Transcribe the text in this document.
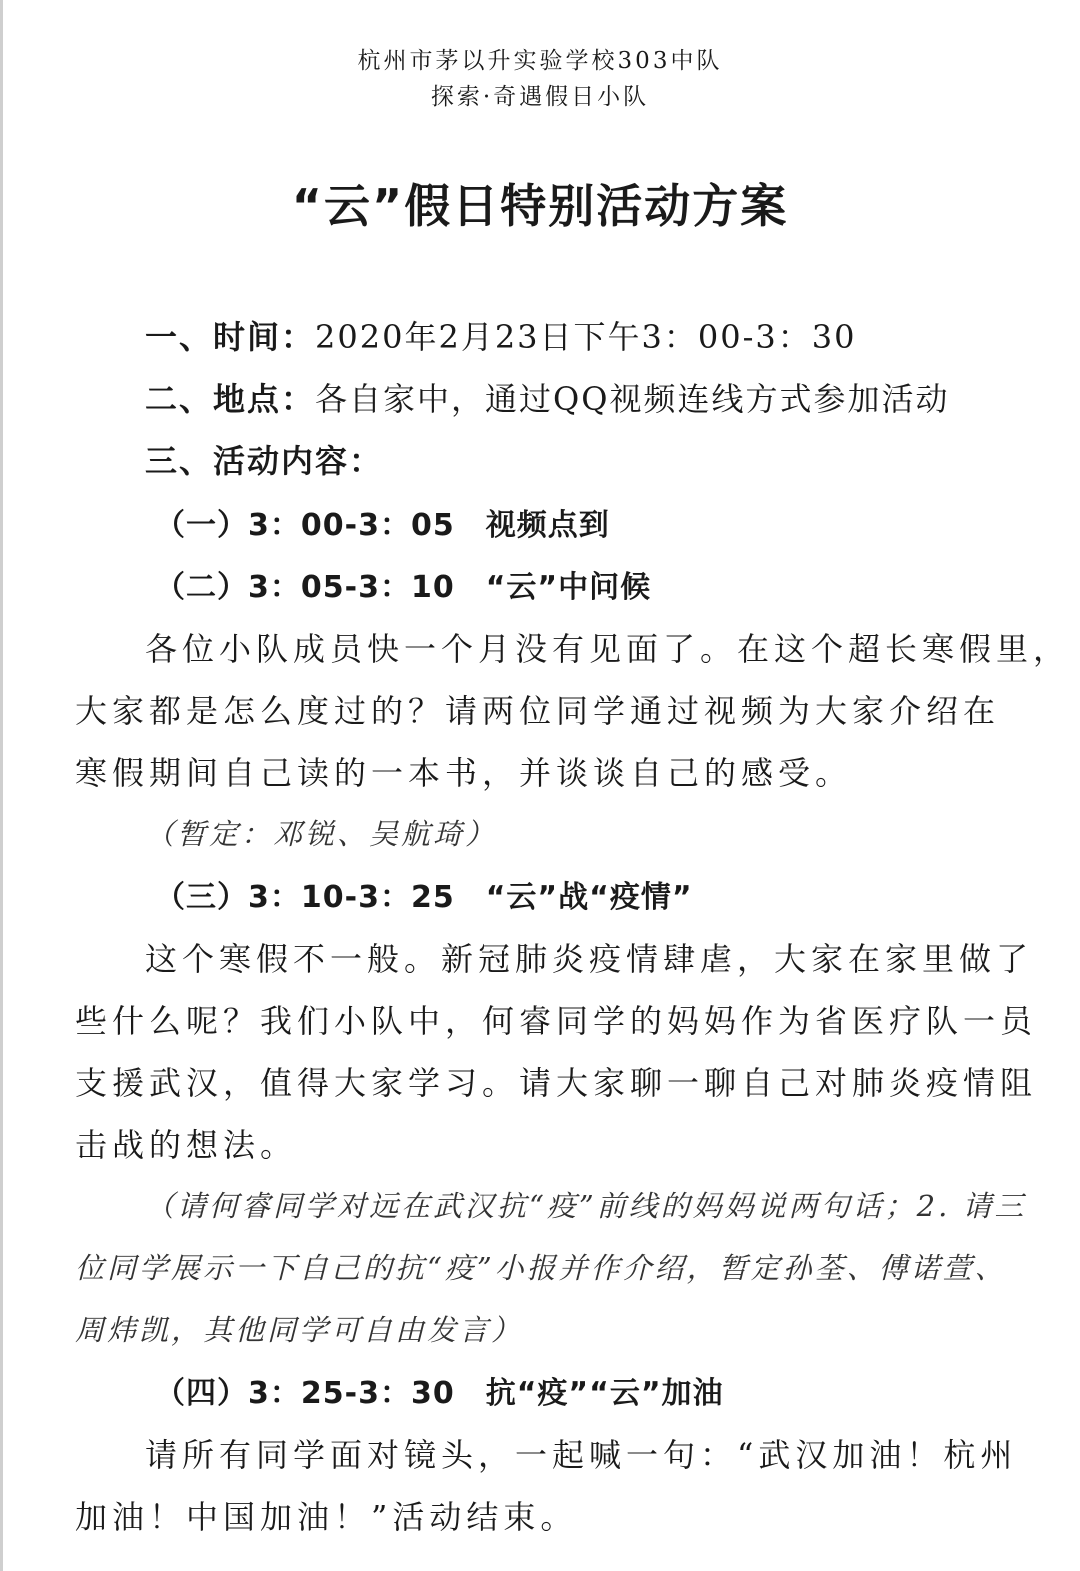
杭州市茅以升实验学校303中队
探索·奇遇假日小队
“云”假日特别活动方案
一、时间：2020年2月23日下午3：00-3：30
二、地点：各自家中，通过QQ视频连线方式参加活动
三、活动内容：
（一）3：00-3：05　视频点到
（二）3：05-3：10　“云”中问候
各位小队成员快一个月没有见面了。在这个超长寒假里，
大家都是怎么度过的？请两位同学通过视频为大家介绍在
寒假期间自己读的一本书，并谈谈自己的感受。
（暂定：邓锐、吴航琦）
（三）3：10-3：25　“云”战“疫情”
这个寒假不一般。新冠肺炎疫情肆虐，大家在家里做了
些什么呢？我们小队中，何睿同学的妈妈作为省医疗队一员
支援武汉，值得大家学习。请大家聊一聊自己对肺炎疫情阻
击战的想法。
（请何睿同学对远在武汉抗“疫”前线的妈妈说两句话；2. 请三
位同学展示一下自己的抗“疫”小报并作介绍，暂定孙荃、傅诺萱、
周炜凯，其他同学可自由发言）
（四）3：25-3：30　抗“疫”“云”加油
请所有同学面对镜头，一起喊一句：“武汉加油！杭州
加油！中国加油！”活动结束。
